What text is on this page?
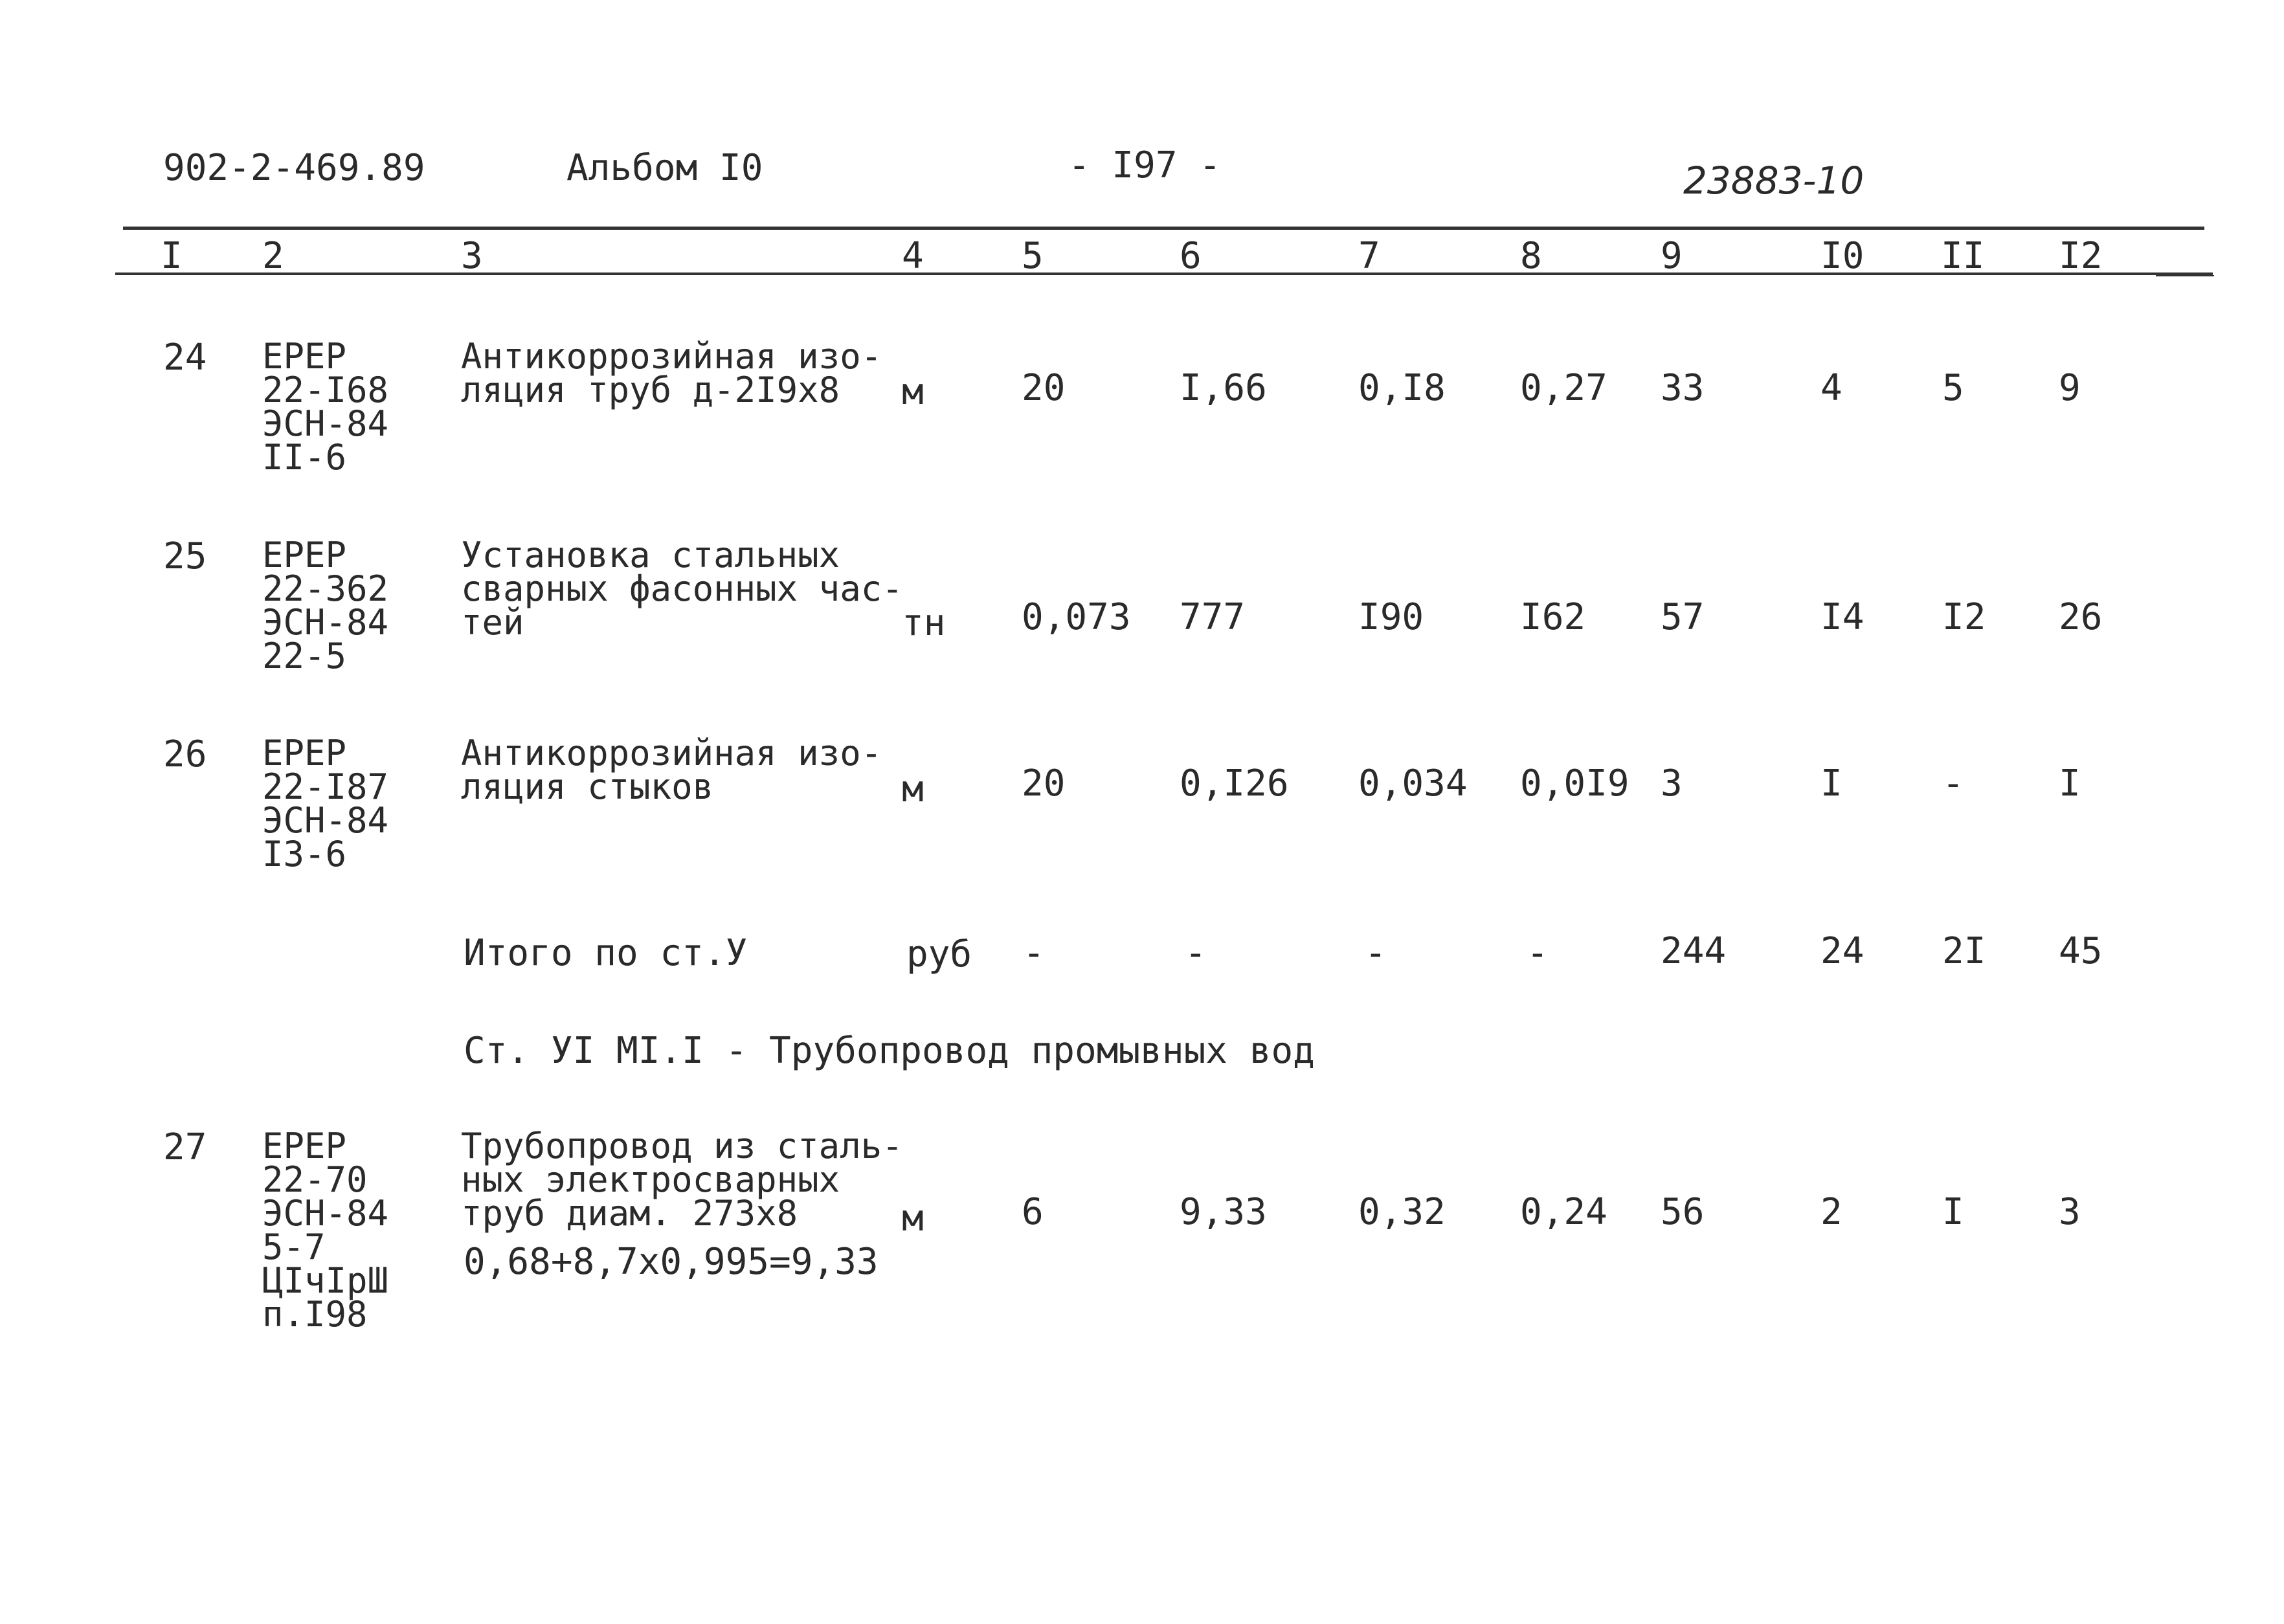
902-2-469.89	Альбом I0	- I97 -	23883-10
I 2	3	4	5	6	7	8	9	I0 II I2
24 ЕРЕР
22-I68
ЭСН-84
II-6
Антикоррозийная изо-
ляция труб д-2I9х8	м	20	I,66	0,I8 0,27 33	4	5	9
25 ЕРЕР
22-362
ЭСН-84
22-5
Установка стальных
сварных фасонных час-
тей	тн 0,073 777	I90	I62 57	I4 I2 26
26 ЕРЕР
22-I87
ЭСН-84
I3-6
Антикоррозийная изо-
ляция стыков	м	20	0,I26 0,034 0,0I9 3	I	-	I
Итого по ст.У	руб -	-	-	-	244	24 2I 45
Ст. УI МI.I - Трубопровод промывных вод
27 ЕРЕР
22-70
ЭСН-84
5-7
ЦIчIрШ
п.I98
Трубопровод из сталь-
ных электросварных
труб диам. 273х8
0,68+8,7х0,995=9,33
м	6	9,33	0,32 0,24 56	2	I	3
